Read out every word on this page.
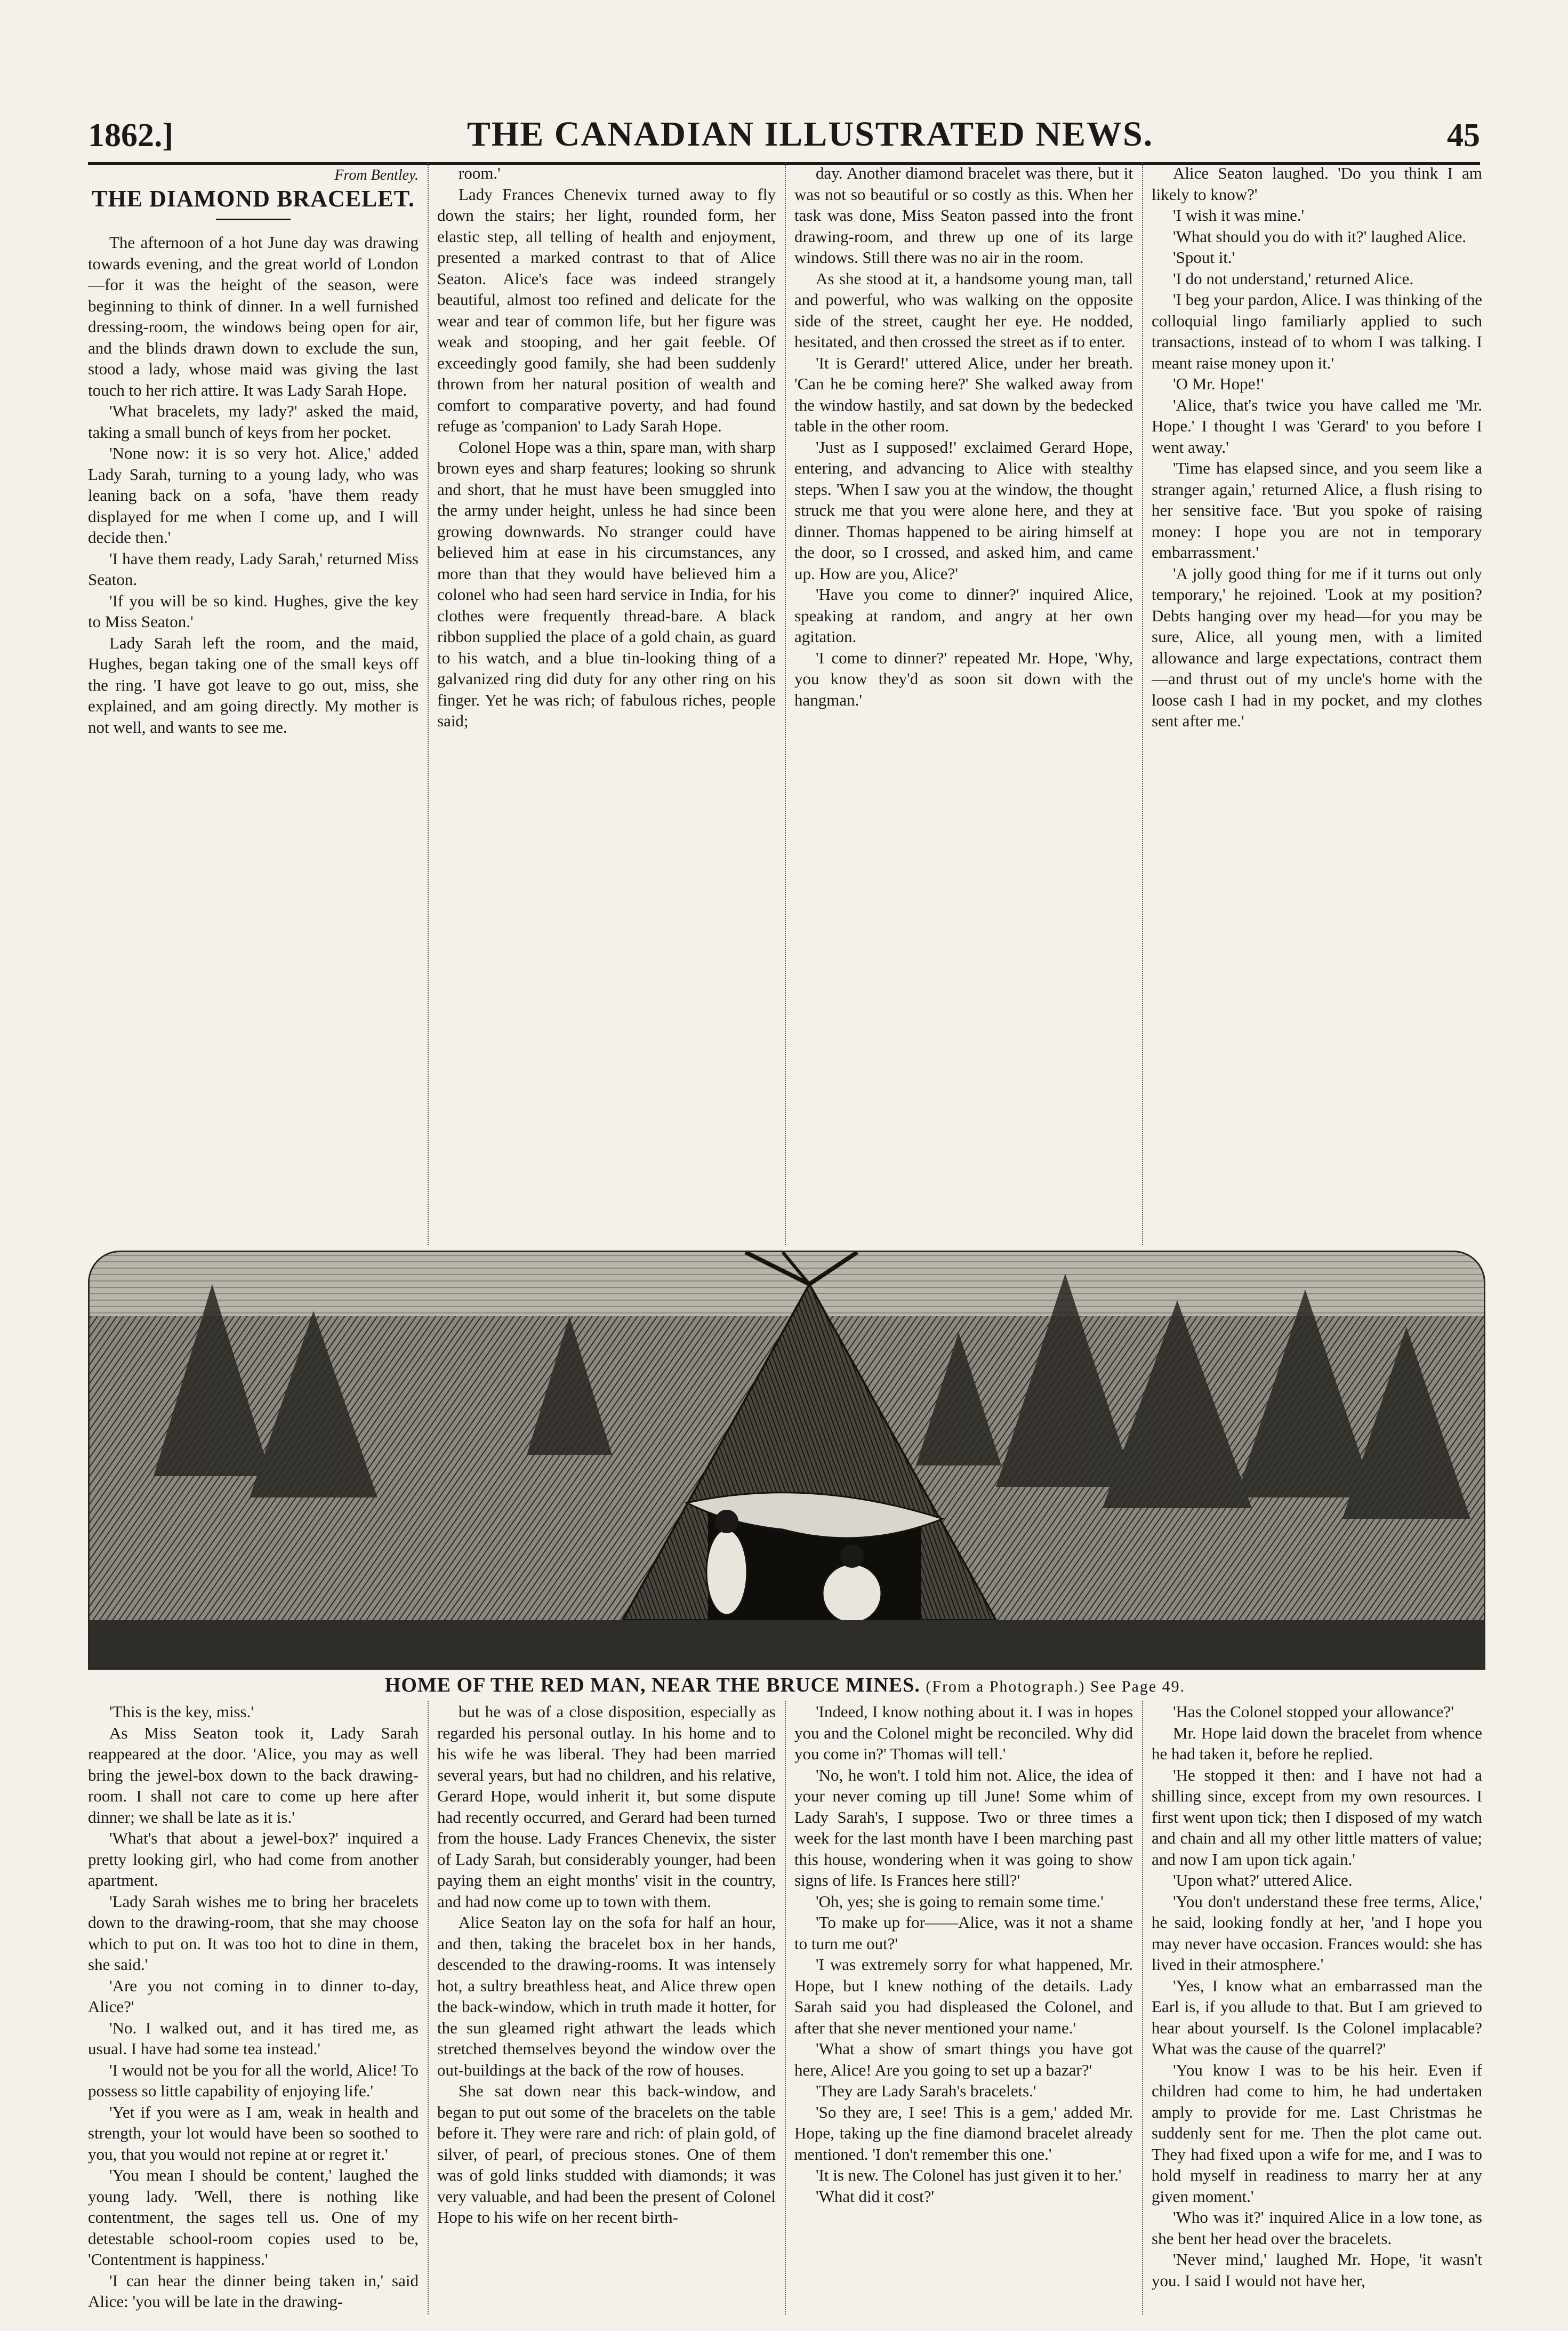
1862.]	THE CANADIAN ILLUSTRATED NEWS.	45
From Bentley.
THE DIAMOND BRACELET.

The afternoon of a hot June day was drawing towards evening, and the great world of London—for it was the height of the season, were beginning to think of dinner. In a well furnished dressing-room, the windows being open for air, and the blinds drawn down to exclude the sun, stood a lady, whose maid was giving the last touch to her rich attire. It was Lady Sarah Hope.

'What bracelets, my lady?' asked the maid, taking a small bunch of keys from her pocket.

'None now: it is so very hot. Alice,' added Lady Sarah, turning to a young lady, who was leaning back on a sofa, 'have them ready displayed for me when I come up, and I will decide then.'

'I have them ready, Lady Sarah,' returned Miss Seaton.

'If you will be so kind. Hughes, give the key to Miss Seaton.'

Lady Sarah left the room, and the maid, Hughes, began taking one of the small keys off the ring. 'I have got leave to go out, miss, she explained, and am going directly. My mother is not well, and wants to see me.

room.'

Lady Frances Chenevix turned away to fly down the stairs; her light, rounded form, her elastic step, all telling of health and enjoyment, presented a marked contrast to that of Alice Seaton. Alice's face was indeed strangely beautiful, almost too refined and delicate for the wear and tear of common life, but her figure was weak and stooping, and her gait feeble. Of exceedingly good family, she had been suddenly thrown from her natural position of wealth and comfort to comparative poverty, and had found refuge as 'companion' to Lady Sarah Hope.

Colonel Hope was a thin, spare man, with sharp brown eyes and sharp features; looking so shrunk and short, that he must have been smuggled into the army under height, unless he had since been growing downwards. No stranger could have believed him at ease in his circumstances, any more than that they would have believed him a colonel who had seen hard service in India, for his clothes were frequently thread-bare. A black ribbon supplied the place of a gold chain, as guard to his watch, and a blue tin-looking thing of a galvanized ring did duty for any other ring on his finger. Yet he was rich; of fabulous riches, people said;

day. Another diamond bracelet was there, but it was not so beautiful or so costly as this. When her task was done, Miss Seaton passed into the front drawing-room, and threw up one of its large windows. Still there was no air in the room.

As she stood at it, a handsome young man, tall and powerful, who was walking on the opposite side of the street, caught her eye. He nodded, hesitated, and then crossed the street as if to enter.

'It is Gerard!' uttered Alice, under her breath. 'Can he be coming here?' She walked away from the window hastily, and sat down by the bedecked table in the other room.

'Just as I supposed!' exclaimed Gerard Hope, entering, and advancing to Alice with stealthy steps. 'When I saw you at the window, the thought struck me that you were alone here, and they at dinner. Thomas happened to be airing himself at the door, so I crossed, and asked him, and came up. How are you, Alice?'

'Have you come to dinner?' inquired Alice, speaking at random, and angry at her own agitation.

'I come to dinner?' repeated Mr. Hope, 'Why, you know they'd as soon sit down with the hangman.'

Alice Seaton laughed. 'Do you think I am likely to know?'

'I wish it was mine.'

'What should you do with it?' laughed Alice.

'Spout it.'

'I do not understand,' returned Alice.

'I beg your pardon, Alice. I was thinking of the colloquial lingo familiarly applied to such transactions, instead of to whom I was talking. I meant raise money upon it.'

'O Mr. Hope!'

'Alice, that's twice you have called me 'Mr. Hope.' I thought I was 'Gerard' to you before I went away.'

'Time has elapsed since, and you seem like a stranger again,' returned Alice, a flush rising to her sensitive face. 'But you spoke of raising money: I hope you are not in temporary embarrassment.'

'A jolly good thing for me if it turns out only temporary,' he rejoined. 'Look at my position? Debts hanging over my head—for you may be sure, Alice, all young men, with a limited allowance and large expectations, contract them—and thrust out of my uncle's home with the loose cash I had in my pocket, and my clothes sent after me.'

HOME OF THE RED MAN, NEAR THE BRUCE MINES. (From a Photograph.) See Page 49.

'This is the key, miss.'

As Miss Seaton took it, Lady Sarah reappeared at the door. 'Alice, you may as well bring the jewel-box down to the back drawing-room. I shall not care to come up here after dinner; we shall be late as it is.'

'What's that about a jewel-box?' inquired a pretty looking girl, who had come from another apartment.

'Lady Sarah wishes me to bring her bracelets down to the drawing-room, that she may choose which to put on. It was too hot to dine in them, she said.'

'Are you not coming in to dinner to-day, Alice?'

'No. I walked out, and it has tired me, as usual. I have had some tea instead.'

'I would not be you for all the world, Alice! To possess so little capability of enjoying life.'

'Yet if you were as I am, weak in health and strength, your lot would have been so soothed to you, that you would not repine at or regret it.'

'You mean I should be content,' laughed the young lady. 'Well, there is nothing like contentment, the sages tell us. One of my detestable school-room copies used to be, 'Contentment is happiness.'

'I can hear the dinner being taken in,' said Alice: 'you will be late in the drawing-

but he was of a close disposition, especially as regarded his personal outlay. In his home and to his wife he was liberal. They had been married several years, but had no children, and his relative, Gerard Hope, would inherit it, but some dispute had recently occurred, and Gerard had been turned from the house. Lady Frances Chenevix, the sister of Lady Sarah, but considerably younger, had been paying them an eight months' visit in the country, and had now come up to town with them.

Alice Seaton lay on the sofa for half an hour, and then, taking the bracelet box in her hands, descended to the drawing-rooms. It was intensely hot, a sultry breathless heat, and Alice threw open the back-window, which in truth made it hotter, for the sun gleamed right athwart the leads which stretched themselves beyond the window over the out-buildings at the back of the row of houses.

She sat down near this back-window, and began to put out some of the bracelets on the table before it. They were rare and rich: of plain gold, of silver, of pearl, of precious stones. One of them was of gold links studded with diamonds; it was very valuable, and had been the present of Colonel Hope to his wife on her recent birth-

'Indeed, I know nothing about it. I was in hopes you and the Colonel might be reconciled. Why did you come in?' Thomas will tell.'

'No, he won't. I told him not. Alice, the idea of your never coming up till June! Some whim of Lady Sarah's, I suppose. Two or three times a week for the last month have I been marching past this house, wondering when it was going to show signs of life. Is Frances here still?'

'Oh, yes; she is going to remain some time.'

'To make up for——Alice, was it not a shame to turn me out?'

'I was extremely sorry for what happened, Mr. Hope, but I knew nothing of the details. Lady Sarah said you had displeased the Colonel, and after that she never mentioned your name.'

'What a show of smart things you have got here, Alice! Are you going to set up a bazar?'

'They are Lady Sarah's bracelets.'

'So they are, I see! This is a gem,' added Mr. Hope, taking up the fine diamond bracelet already mentioned. 'I don't remember this one.'

'It is new. The Colonel has just given it to her.'

'What did it cost?'

'Has the Colonel stopped your allowance?'

Mr. Hope laid down the bracelet from whence he had taken it, before he replied.

'He stopped it then: and I have not had a shilling since, except from my own resources. I first went upon tick; then I disposed of my watch and chain and all my other little matters of value; and now I am upon tick again.'

'Upon what?' uttered Alice.

'You don't understand these free terms, Alice,' he said, looking fondly at her, 'and I hope you may never have occasion. Frances would: she has lived in their atmosphere.'

'Yes, I know what an embarrassed man the Earl is, if you allude to that. But I am grieved to hear about yourself. Is the Colonel implacable? What was the cause of the quarrel?'

'You know I was to be his heir. Even if children had come to him, he had undertaken amply to provide for me. Last Christmas he suddenly sent for me. Then the plot came out. They had fixed upon a wife for me, and I was to hold myself in readiness to marry her at any given moment.'

'Who was it?' inquired Alice in a low tone, as she bent her head over the bracelets.

'Never mind,' laughed Mr. Hope, 'it wasn't you. I said I would not have her,
